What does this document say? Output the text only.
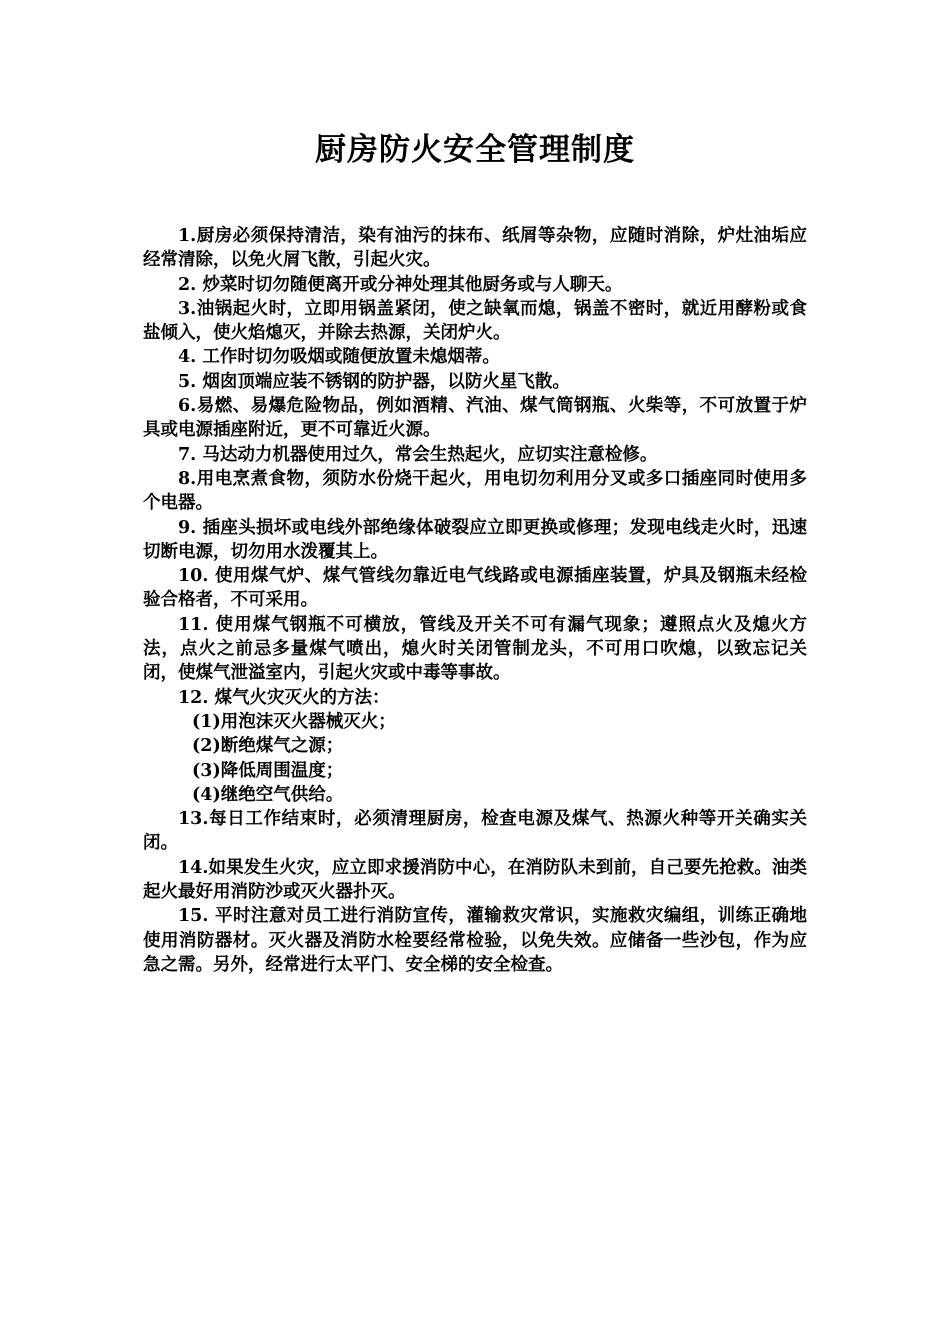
厨房防火安全管理制度

1.厨房必须保持清洁，染有油污的抹布、纸屑等杂物，应随时消除，炉灶油垢应经常清除，以免火屑飞散，引起火灾。

2. 炒菜时切勿随便离开或分神处理其他厨务或与人聊天。

3.油锅起火时，立即用锅盖紧闭，使之缺氧而熄，锅盖不密时，就近用酵粉或食盐倾入，使火焰熄灭，并除去热源，关闭炉火。

4. 工作时切勿吸烟或随便放置未熄烟蒂。

5. 烟囱顶端应装不锈钢的防护器，以防火星飞散。

6.易燃、易爆危险物品，例如酒精、汽油、煤气筒钢瓶、火柴等，不可放置于炉具或电源插座附近，更不可靠近火源。

7. 马达动力机器使用过久，常会生热起火，应切实注意检修。

8.用电烹煮食物，须防水份烧干起火，用电切勿利用分叉或多口插座同时使用多个电器。

9. 插座头损坏或电线外部绝缘体破裂应立即更换或修理；发现电线走火时，迅速切断电源，切勿用水泼覆其上。

10. 使用煤气炉、煤气管线勿靠近电气线路或电源插座装置，炉具及钢瓶未经检验合格者，不可采用。

11. 使用煤气钢瓶不可横放，管线及开关不可有漏气现象；遵照点火及熄火方法，点火之前忌多量煤气喷出，熄火时关闭管制龙头，不可用口吹熄，以致忘记关闭，使煤气泄溢室内，引起火灾或中毒等事故。

12. 煤气火灾灭火的方法：

(1)用泡沫灭火器械灭火；

(2)断绝煤气之源；

(3)降低周围温度；

(4)继绝空气供给。

13.每日工作结束时，必须清理厨房，检查电源及煤气、热源火种等开关确实关闭。

14.如果发生火灾，应立即求援消防中心，在消防队未到前，自己要先抢救。油类起火最好用消防沙或灭火器扑灭。

15. 平时注意对员工进行消防宣传，灌输救灾常识，实施救灾编组，训练正确地使用消防器材。灭火器及消防水栓要经常检验，以免失效。应储备一些沙包，作为应急之需。另外，经常进行太平门、安全梯的安全检查。
